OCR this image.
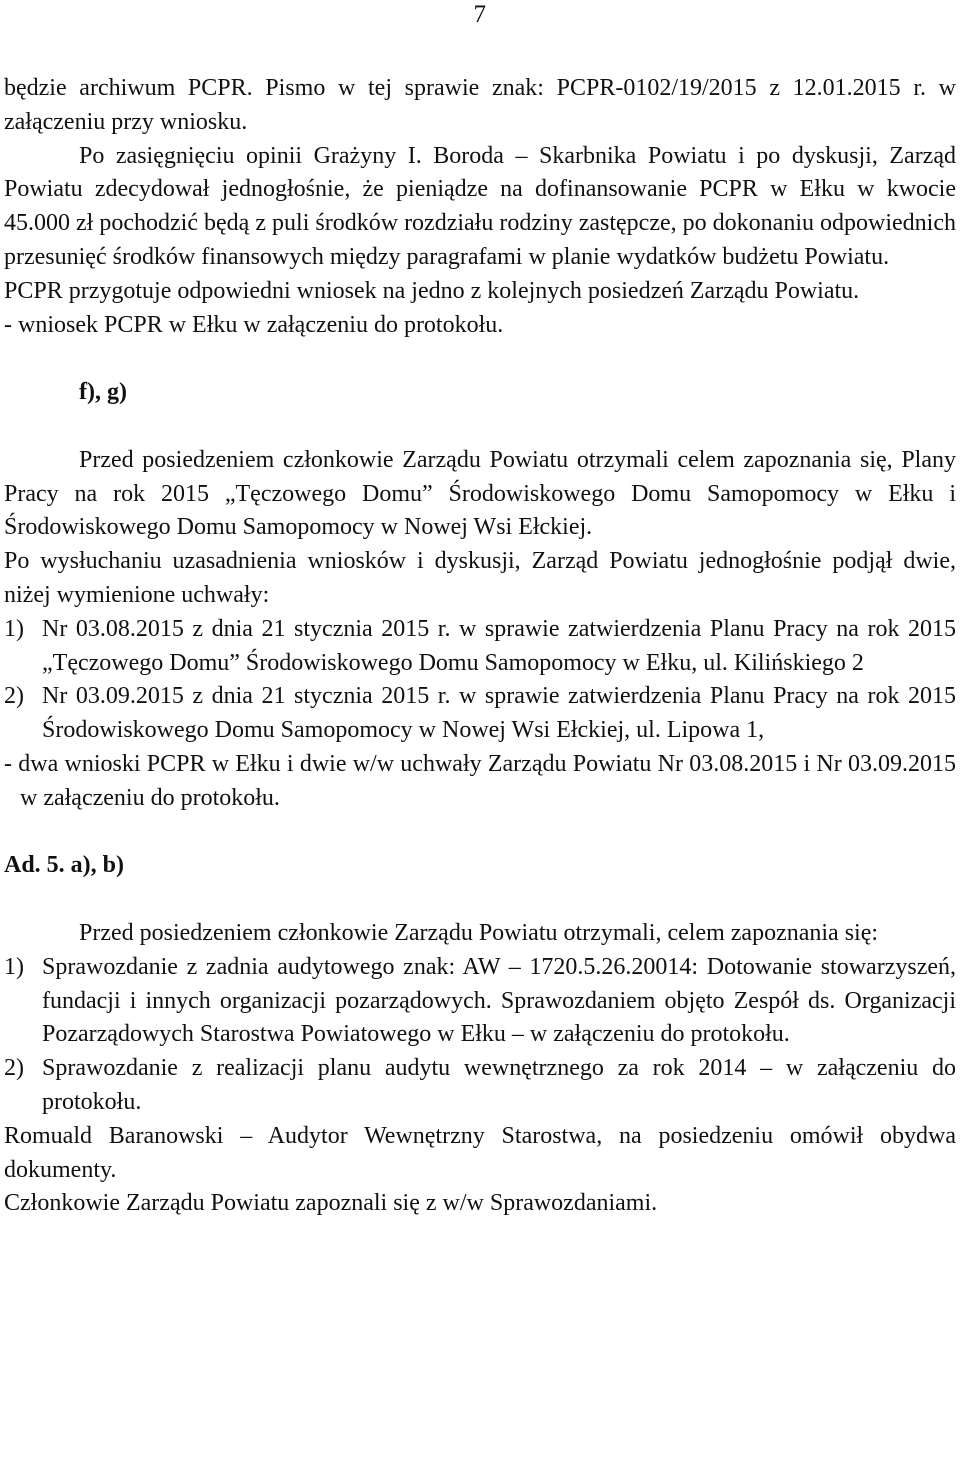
7

będzie archiwum PCPR. Pismo w tej sprawie znak: PCPR-0102/19/2015 z 12.01.2015 r. w załączeniu przy wniosku.

Po zasięgnięciu opinii Grażyny I. Boroda – Skarbnika Powiatu i po dyskusji, Zarząd Powiatu zdecydował jednogłośnie, że pieniądze na dofinansowanie PCPR w Ełku w kwocie 45.000 zł pochodzić będą z puli środków rozdziału rodziny zastępcze, po dokonaniu odpowiednich przesunięć środków finansowych między paragrafami w planie wydatków budżetu Powiatu.

PCPR przygotuje odpowiedni wniosek na jedno z kolejnych posiedzeń Zarządu Powiatu.

- wniosek PCPR w Ełku w załączeniu do protokołu.

f), g)

Przed posiedzeniem członkowie Zarządu Powiatu otrzymali celem zapoznania się, Plany Pracy na rok 2015 „Tęczowego Domu” Środowiskowego Domu Samopomocy w Ełku i Środowiskowego Domu Samopomocy w Nowej Wsi Ełckiej.

Po wysłuchaniu uzasadnienia wniosków i dyskusji, Zarząd Powiatu jednogłośnie podjął dwie, niżej wymienione uchwały:

1) Nr 03.08.2015 z dnia 21 stycznia 2015 r. w sprawie zatwierdzenia Planu Pracy na rok 2015 „Tęczowego Domu” Środowiskowego Domu Samopomocy w Ełku, ul. Kilińskiego 2
2) Nr 03.09.2015 z dnia 21 stycznia 2015 r. w sprawie zatwierdzenia Planu Pracy na rok 2015 Środowiskowego Domu Samopomocy w Nowej Wsi Ełckiej, ul. Lipowa 1,

- dwa wnioski PCPR w Ełku i dwie w/w uchwały Zarządu Powiatu Nr 03.08.2015 i Nr 03.09.2015 w załączeniu do protokołu.

Ad. 5. a), b)

Przed posiedzeniem członkowie Zarządu Powiatu otrzymali, celem zapoznania się:

1) Sprawozdanie z zadnia audytowego znak: AW – 1720.5.26.20014: Dotowanie stowarzyszeń, fundacji i innych organizacji pozarządowych. Sprawozdaniem objęto Zespół ds. Organizacji Pozarządowych Starostwa Powiatowego w Ełku – w załączeniu do protokołu.
2) Sprawozdanie z realizacji planu audytu wewnętrznego za rok 2014 – w załączeniu do protokołu.

Romuald Baranowski – Audytor Wewnętrzny Starostwa, na posiedzeniu omówił obydwa dokumenty.

Członkowie Zarządu Powiatu zapoznali się z w/w Sprawozdaniami.
